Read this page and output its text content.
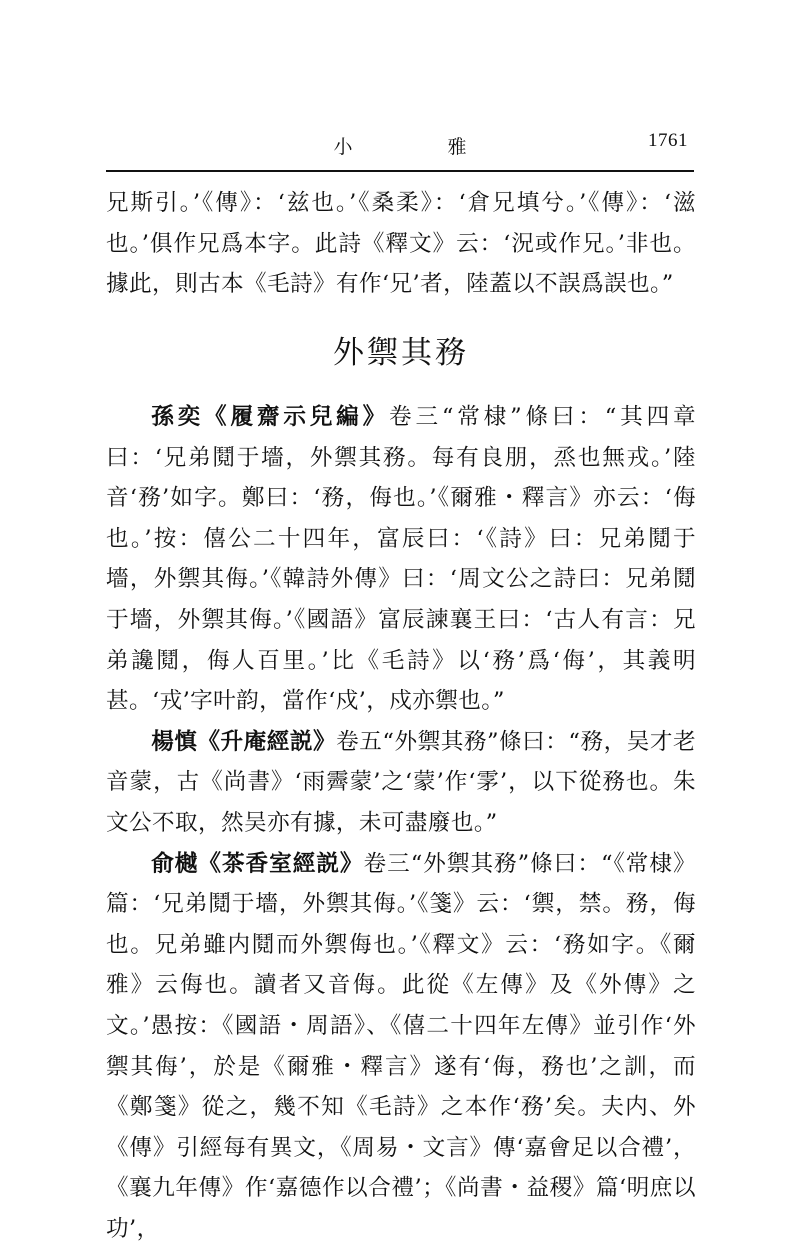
小　雅	1761

兄斯引。’《傳》：‘兹也。’《桑柔》：‘倉兄填兮。’《傳》：‘滋也。’俱作兄爲本字。此詩《釋文》云：‘況或作兄。’非也。據此，則古本《毛詩》有作‘兄’者，陸蓋以不誤爲誤也。”

外禦其務

孫奕《履齋示兒編》卷三“常棣”條曰：“其四章曰：‘兄弟鬩于墻，外禦其務。每有良朋，烝也無戎。’陸音‘務’如字。鄭曰：‘務，侮也。’《爾雅・釋言》亦云：‘侮也。’按：僖公二十四年，富辰曰：‘《詩》曰：兄弟鬩于墻，外禦其侮。’《韓詩外傳》曰：‘周文公之詩曰：兄弟鬩于墻，外禦其侮。’《國語》富辰諫襄王曰：‘古人有言：兄弟讒鬩，侮人百里。’比《毛詩》以‘務’爲‘侮’，其義明甚。‘戎’字叶韵，當作‘戍’，戍亦禦也。”

楊慎《升庵經説》卷五“外禦其務”條曰：“務，吴才老音蒙，古《尚書》‘雨霽蒙’之‘蒙’作‘雺’，以下從務也。朱文公不取，然吴亦有據，未可盡廢也。”

俞樾《茶香室經説》卷三“外禦其務”條曰：“《常棣》篇：‘兄弟鬩于墻，外禦其侮。’《箋》云：‘禦，禁。務，侮也。兄弟雖内鬩而外禦侮也。’《釋文》云：‘務如字。《爾雅》云侮也。讀者又音侮。此從《左傳》及《外傳》之文。’愚按：《國語・周語》、《僖二十四年左傳》並引作‘外禦其侮’，於是《爾雅・釋言》遂有‘侮，務也’之訓，而《鄭箋》從之，幾不知《毛詩》之本作‘務’矣。夫内、外《傳》引經每有異文，《周易・文言》傳‘嘉會足以合禮’，《襄九年傳》作‘嘉德作以合禮’；《尚書・益稷》篇‘明庶以功’，
